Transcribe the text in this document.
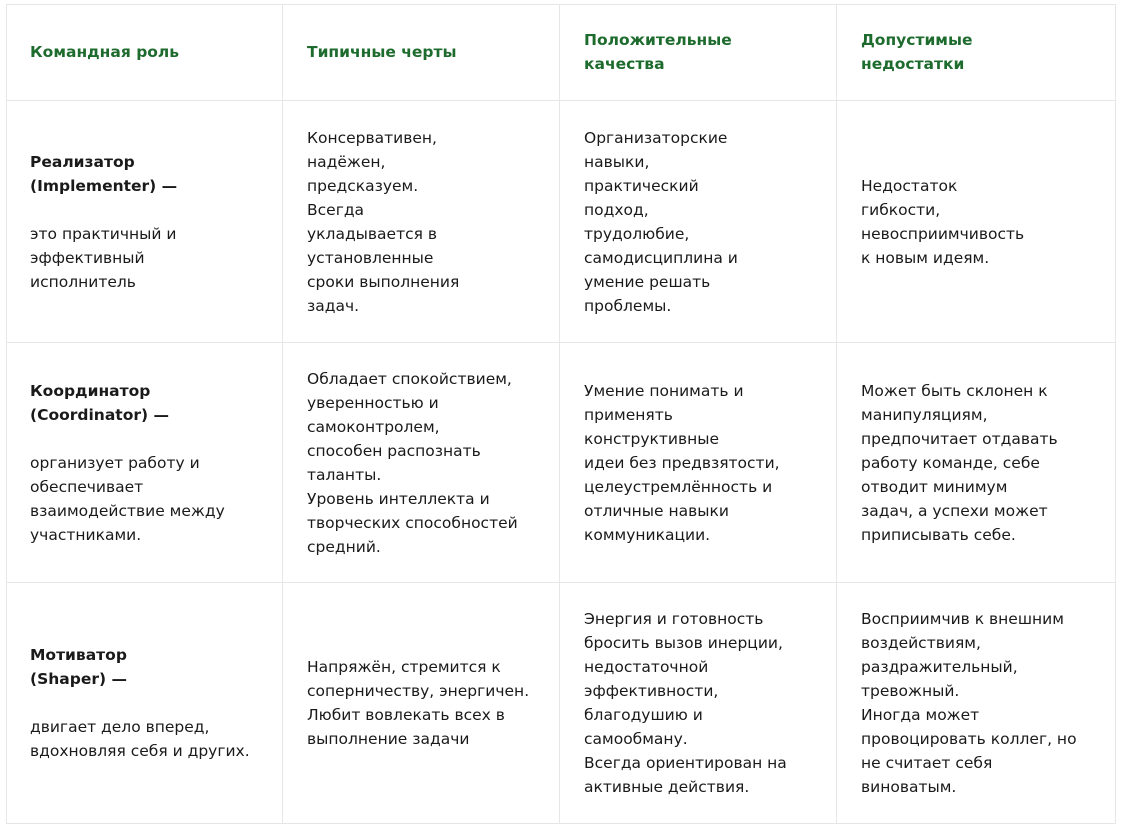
Командная роль	Типичные черты
Положительные
качества
Допустимые
недостатки

Реализатор
(Implementer) —

это практичный и
эффективный
исполнитель

Консервативен,
надёжен,
предсказуем.
Всегда
укладывается в
установленные
сроки выполнения
задач.
Организаторские
навыки,
практический
подход,
трудолюбие,
самодисциплина и
умение решать
проблемы.
Недостаток
гибкости,
невосприимчивость
к новым идеям.

Координатор
(Coordinator) —

организует работу и
обеспечивает
взаимодействие между
участниками.

Обладает спокойствием,
уверенностью и
самоконтролем,
способен распознать
таланты.
Уровень интеллекта и
творческих способностей
средний.
Умение понимать и
применять
конструктивные
идеи без предвзятости,
целеустремлённость и
отличные навыки
коммуникации.
Может быть склонен к
манипуляциям,
предпочитает отдавать
работу команде, себе
отводит минимум
задач, а успехи может
приписывать себе.

Мотиватор
(Shaper) —

двигает дело вперед,
вдохновляя себя и других.

Напряжён, стремится к
соперничеству, энергичен.
Любит вовлекать всех в
выполнение задачи
Энергия и готовность
бросить вызов инерции,
недостаточной
эффективности,
благодушию и
самообману.
Всегда ориентирован на
активные действия.
Восприимчив к внешним
воздействиям,
раздражительный,
тревожный.
Иногда может
провоцировать коллег, но
не считает себя
виноватым.
